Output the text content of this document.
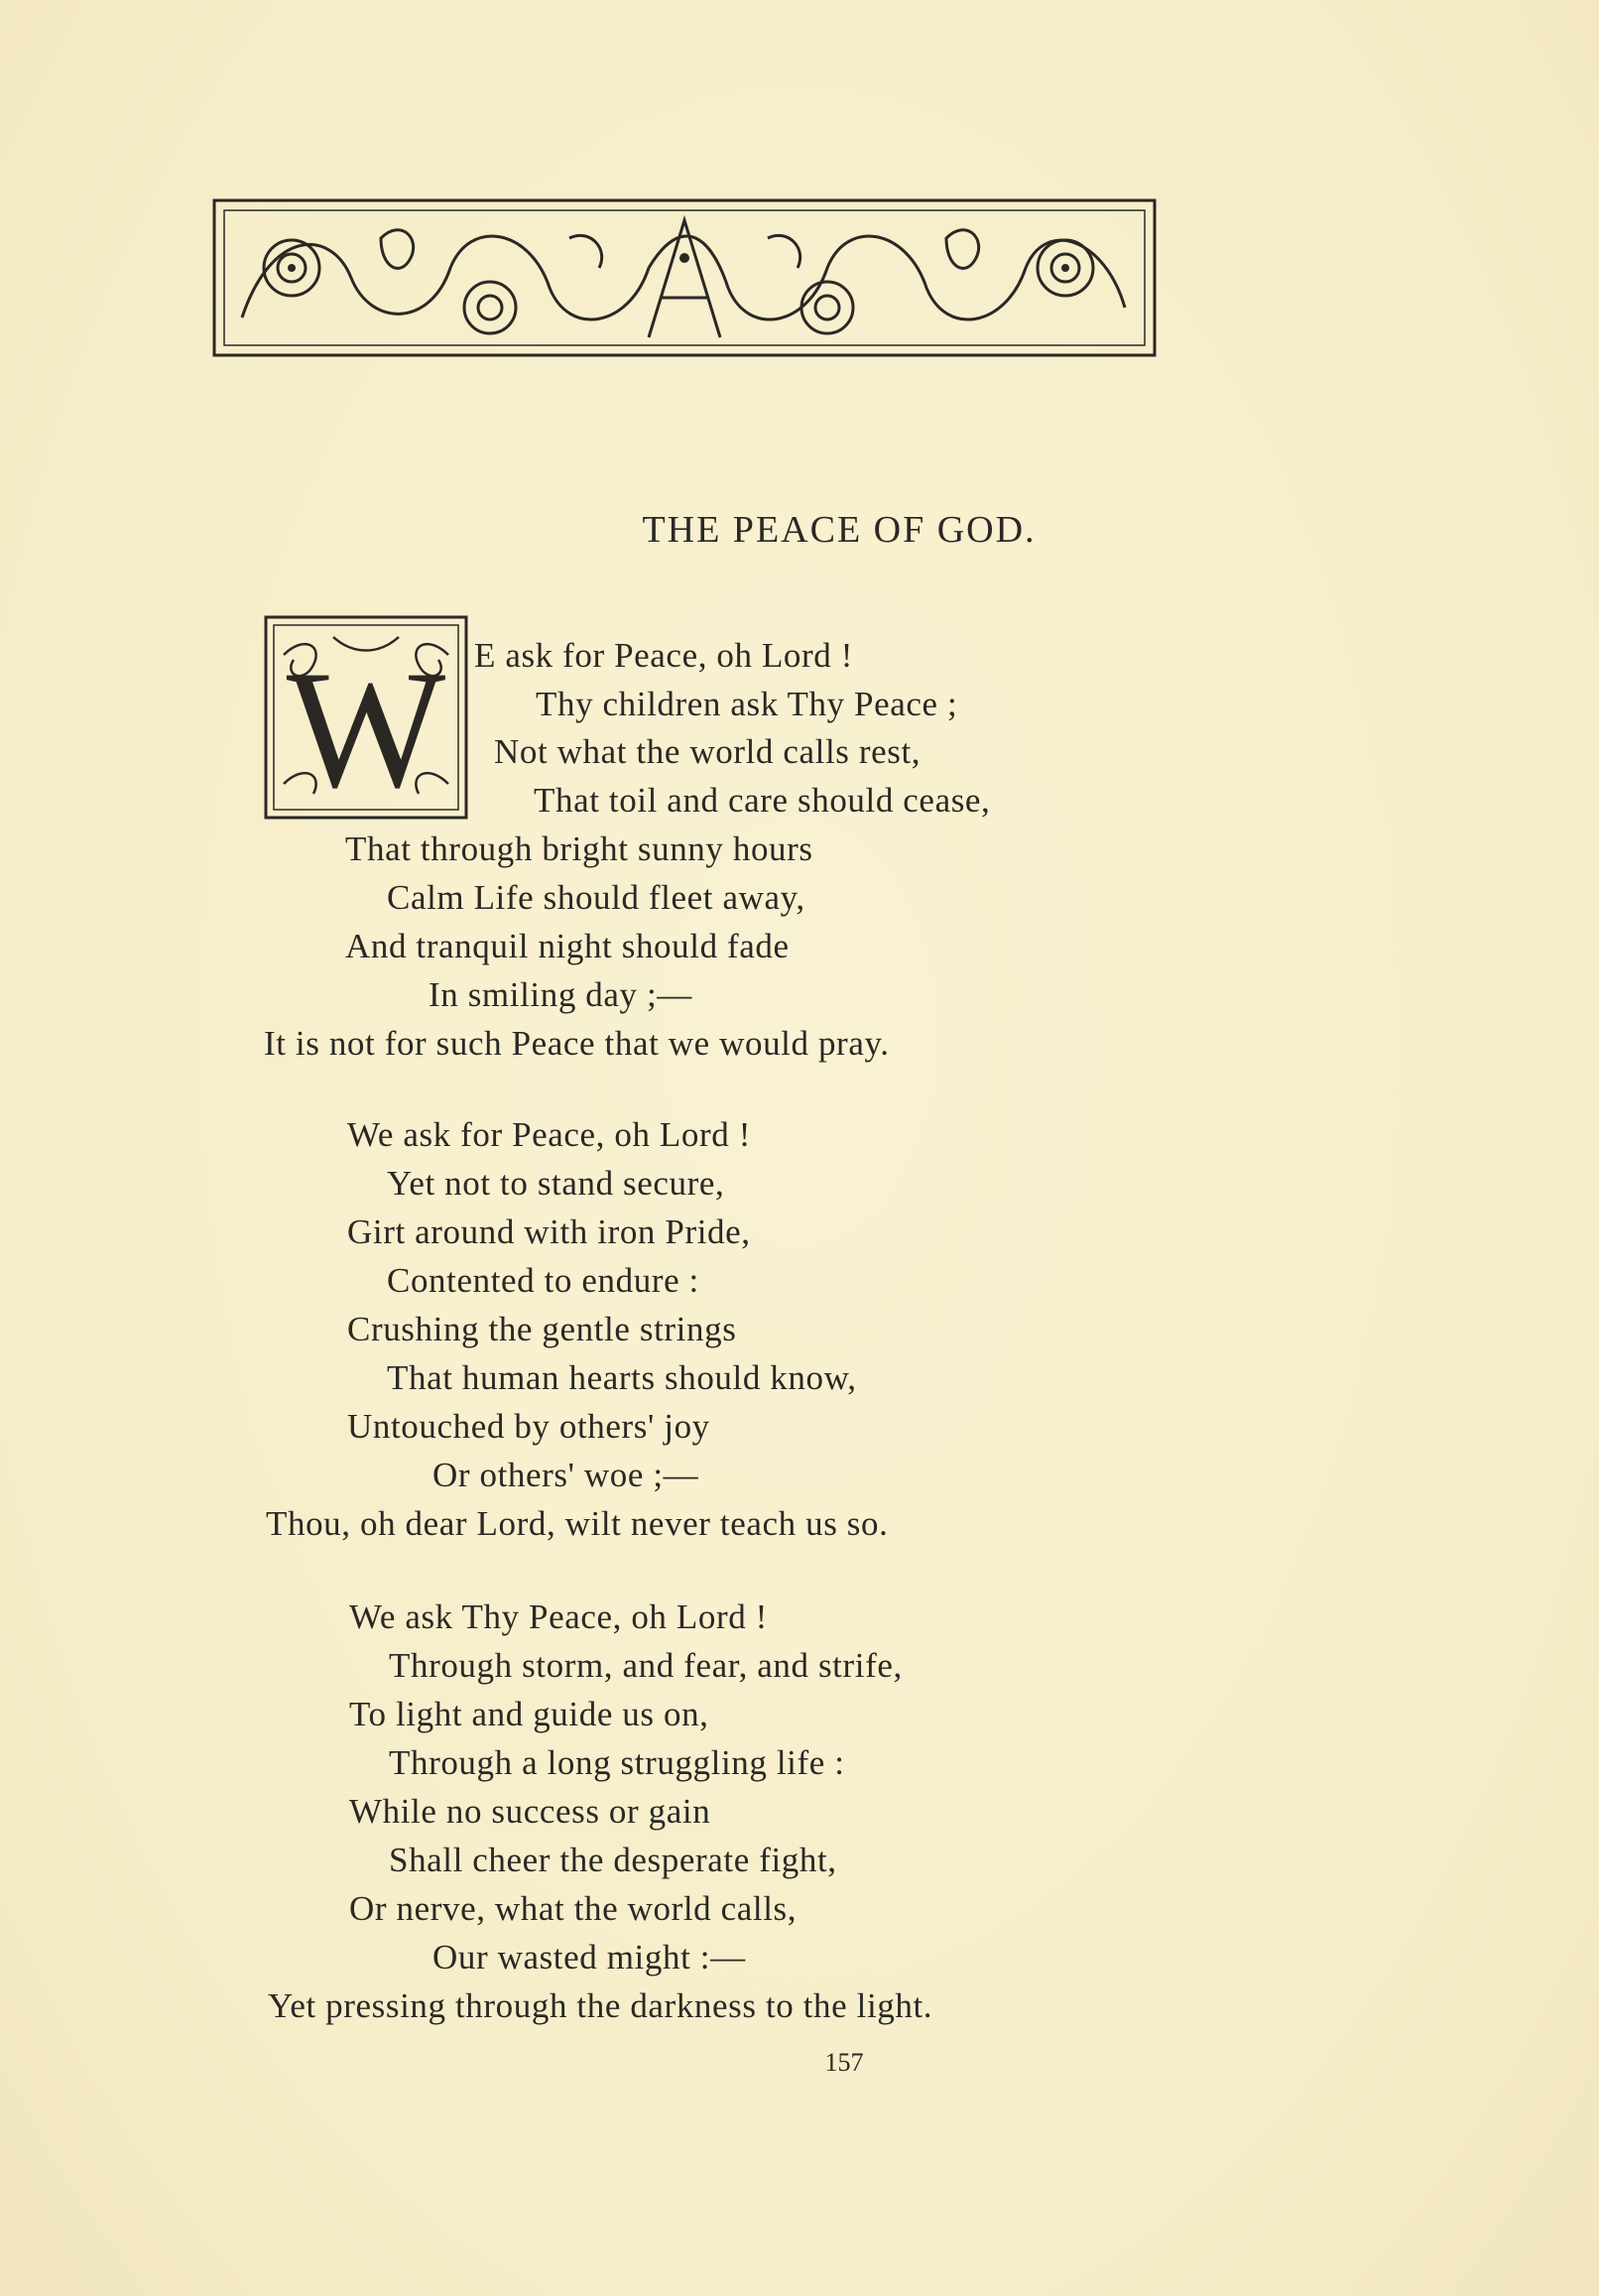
THE PEACE OF GOD.
W E ask for Peace, oh Lord !
Thy children ask Thy Peace ;
Not what the world calls rest,
That toil and care should cease,
That through bright sunny hours
Calm Life should fleet away,
And tranquil night should fade
In smiling day ;—
It is not for such Peace that we would pray.
We ask for Peace, oh Lord !
Yet not to stand secure,
Girt around with iron Pride,
Contented to endure :
Crushing the gentle strings
That human hearts should know,
Untouched by others' joy
Or others' woe ;—
Thou, oh dear Lord, wilt never teach us so.
We ask Thy Peace, oh Lord !
Through storm, and fear, and strife,
To light and guide us on,
Through a long struggling life :
While no success or gain
Shall cheer the desperate fight,
Or nerve, what the world calls,
Our wasted might :—
Yet pressing through the darkness to the light.
157
